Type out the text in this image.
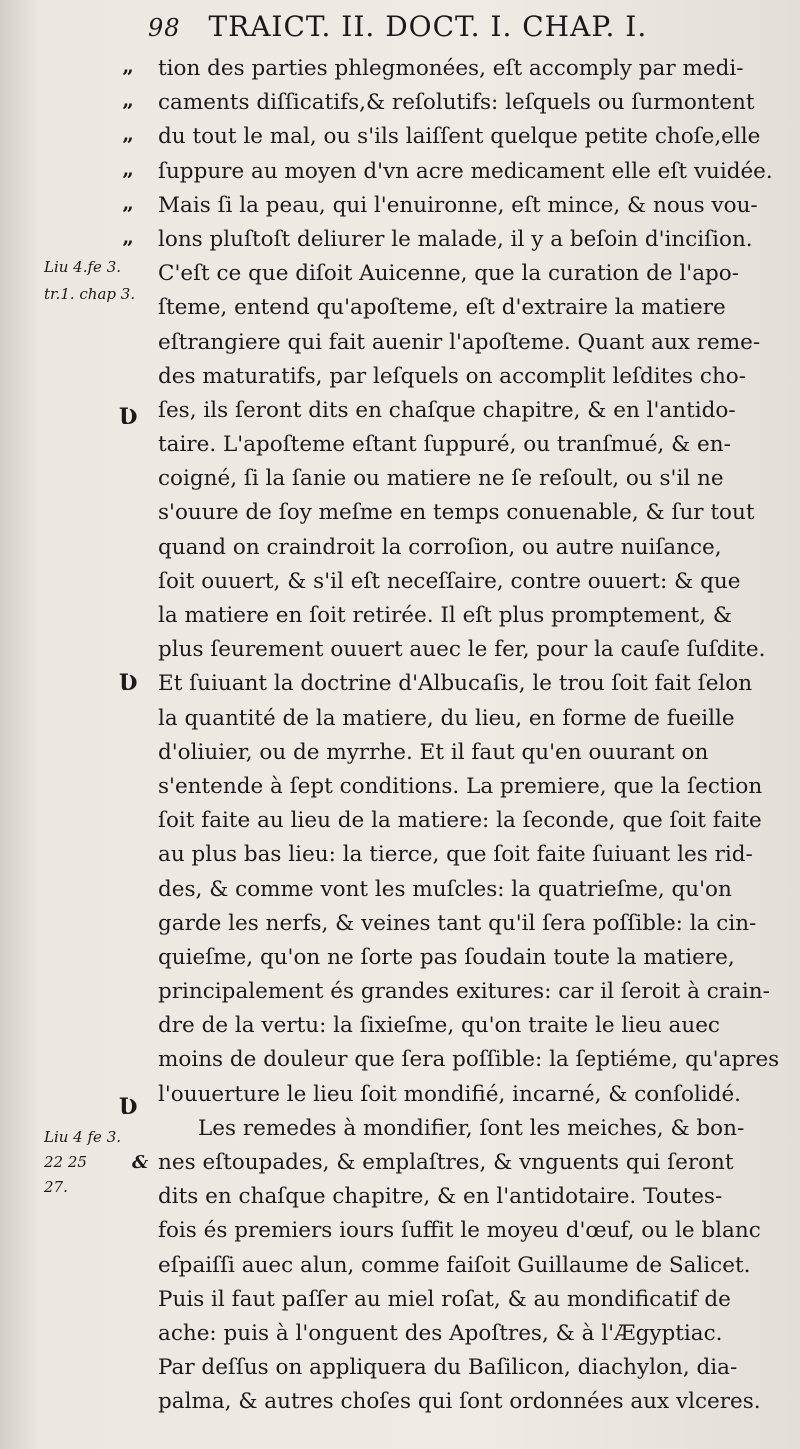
98 TRAICT. II. DOCT. I. CHAP. I.
”
”
”
”
”
”
Liu 4.fe 3.
tr.1. chap 3.
Liu 4 fe 3.
22 25
27.
Ʋ
Ʋ
Ʋ
&
tion des parties phlegmonées, eſt accomply par medi-
caments diſſicatifs,& reſolutifs: leſquels ou ſurmontent
du tout le mal, ou s'ils laiſſent quelque petite choſe,elle
ſuppure au moyen d'vn acre medicament elle eſt vuidée.
Mais ſi la peau, qui l'enuironne, eſt mince, & nous vou-
lons pluſtoſt deliurer le malade, il y a beſoin d'inciſion.
C'eſt ce que diſoit Auicenne, que la curation de l'apo-
ſteme, entend qu'apoſteme, eſt d'extraire la matiere
eſtrangiere qui fait auenir l'apoſteme. Quant aux reme-
des maturatifs, par leſquels on accomplit leſdites cho-
ſes, ils ſeront dits en chaſque chapitre, & en l'antido-
taire. L'apoſteme eſtant ſuppuré, ou tranſmué, & en-
coigné, ſi la ſanie ou matiere ne ſe reſoult, ou s'il ne
s'ouure de ſoy meſme en temps conuenable, & ſur tout
quand on craindroit la corroſion, ou autre nuiſance,
ſoit ouuert, & s'il eſt neceſſaire, contre ouuert: & que
la matiere en ſoit retirée. Il eſt plus promptement, &
plus ſeurement ouuert auec le fer, pour la cauſe ſuſdite.
Et ſuiuant la doctrine d'Albucaſis, le trou ſoit fait ſelon
la quantité de la matiere, du lieu, en forme de fueille
d'oliuier, ou de myrrhe. Et il faut qu'en ouurant on
s'entende à ſept conditions. La premiere, que la ſection
ſoit faite au lieu de la matiere: la ſeconde, que ſoit faite
au plus bas lieu: la tierce, que ſoit faite ſuiuant les rid-
des, & comme vont les muſcles: la quatrieſme, qu'on
garde les nerfs, & veines tant qu'il ſera poſſible: la cin-
quieſme, qu'on ne ſorte pas ſoudain toute la matiere,
principalement és grandes exitures: car il ſeroit à crain-
dre de la vertu: la ſixieſme, qu'on traite le lieu auec
moins de douleur que ſera poſſible: la ſeptiéme, qu'apres
l'ouuerture le lieu ſoit mondifié, incarné, & conſolidé.
Les remedes à mondifier, ſont les meiches, & bon-
nes eſtoupades, & emplaſtres, & vnguents qui ſeront
dits en chaſque chapitre, & en l'antidotaire. Toutes-
fois és premiers iours ſuffit le moyeu d'œuf, ou le blanc
eſpaiſſi auec alun, comme faiſoit Guillaume de Salicet.
Puis il faut paſſer au miel roſat, & au mondificatif de
ache: puis à l'onguent des Apoſtres, & à l'Ægyptiac.
Par deſſus on appliquera du Baſilicon, diachylon, dia-
palma, & autres choſes qui ſont ordonnées aux vlceres.
